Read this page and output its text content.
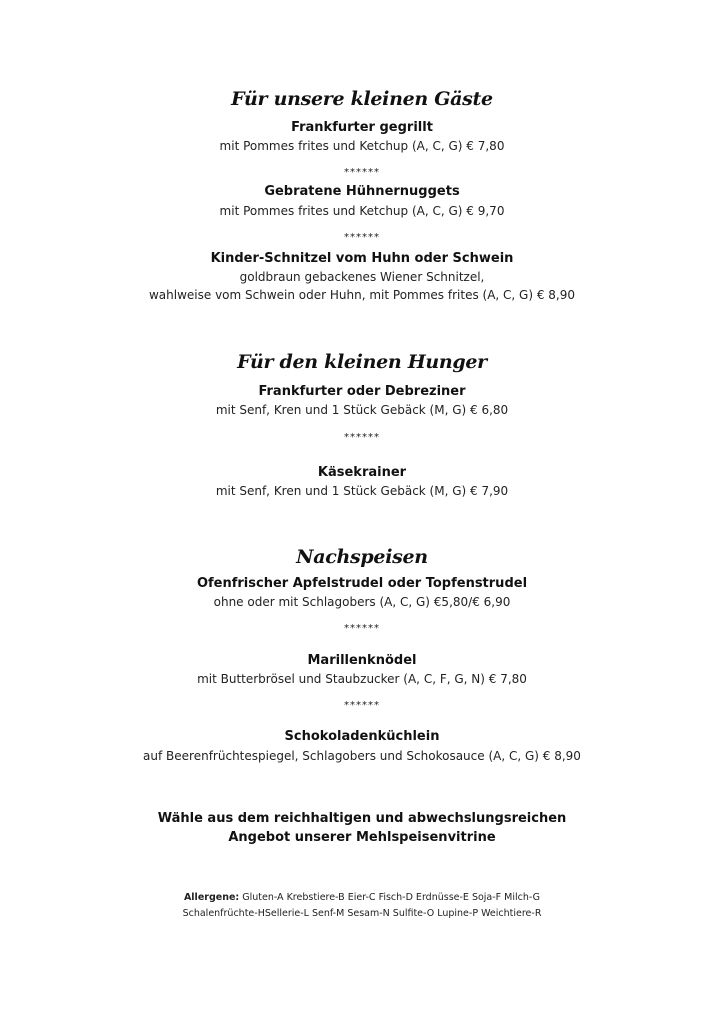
Für unsere kleinen Gäste
Frankfurter gegrillt
mit Pommes frites und Ketchup (A, C, G) € 7,80
******
Gebratene Hühnernuggets
mit Pommes frites und Ketchup (A, C, G) € 9,70
******
Kinder-Schnitzel vom Huhn oder Schwein
goldbraun gebackenes Wiener Schnitzel,
wahlweise vom Schwein oder Huhn, mit Pommes frites (A, C, G) € 8,90
Für den kleinen Hunger
Frankfurter oder Debreziner
mit Senf, Kren und 1 Stück Gebäck (M, G) € 6,80
******
Käsekrainer
mit Senf, Kren und 1 Stück Gebäck (M, G) € 7,90
Nachspeisen
Ofenfrischer Apfelstrudel oder Topfenstrudel
ohne oder mit Schlagobers (A, C, G) €5,80/€ 6,90
******
Marillenknödel
mit Butterbrösel und Staubzucker (A, C, F, G, N) € 7,80
******
Schokoladenküchlein
auf Beerenfrüchtespiegel, Schlagobers und Schokosauce (A, C, G) € 8,90
Wähle aus dem reichhaltigen und abwechslungsreichen
Angebot unserer Mehlspeisenvitrine
Allergene: Gluten-A Krebstiere-B Eier-C Fisch-D Erdnüsse-E Soja-F Milch-G
Schalenfrüchte-HSellerie-L Senf-M Sesam-N Sulfite-O Lupine-P Weichtiere-R
